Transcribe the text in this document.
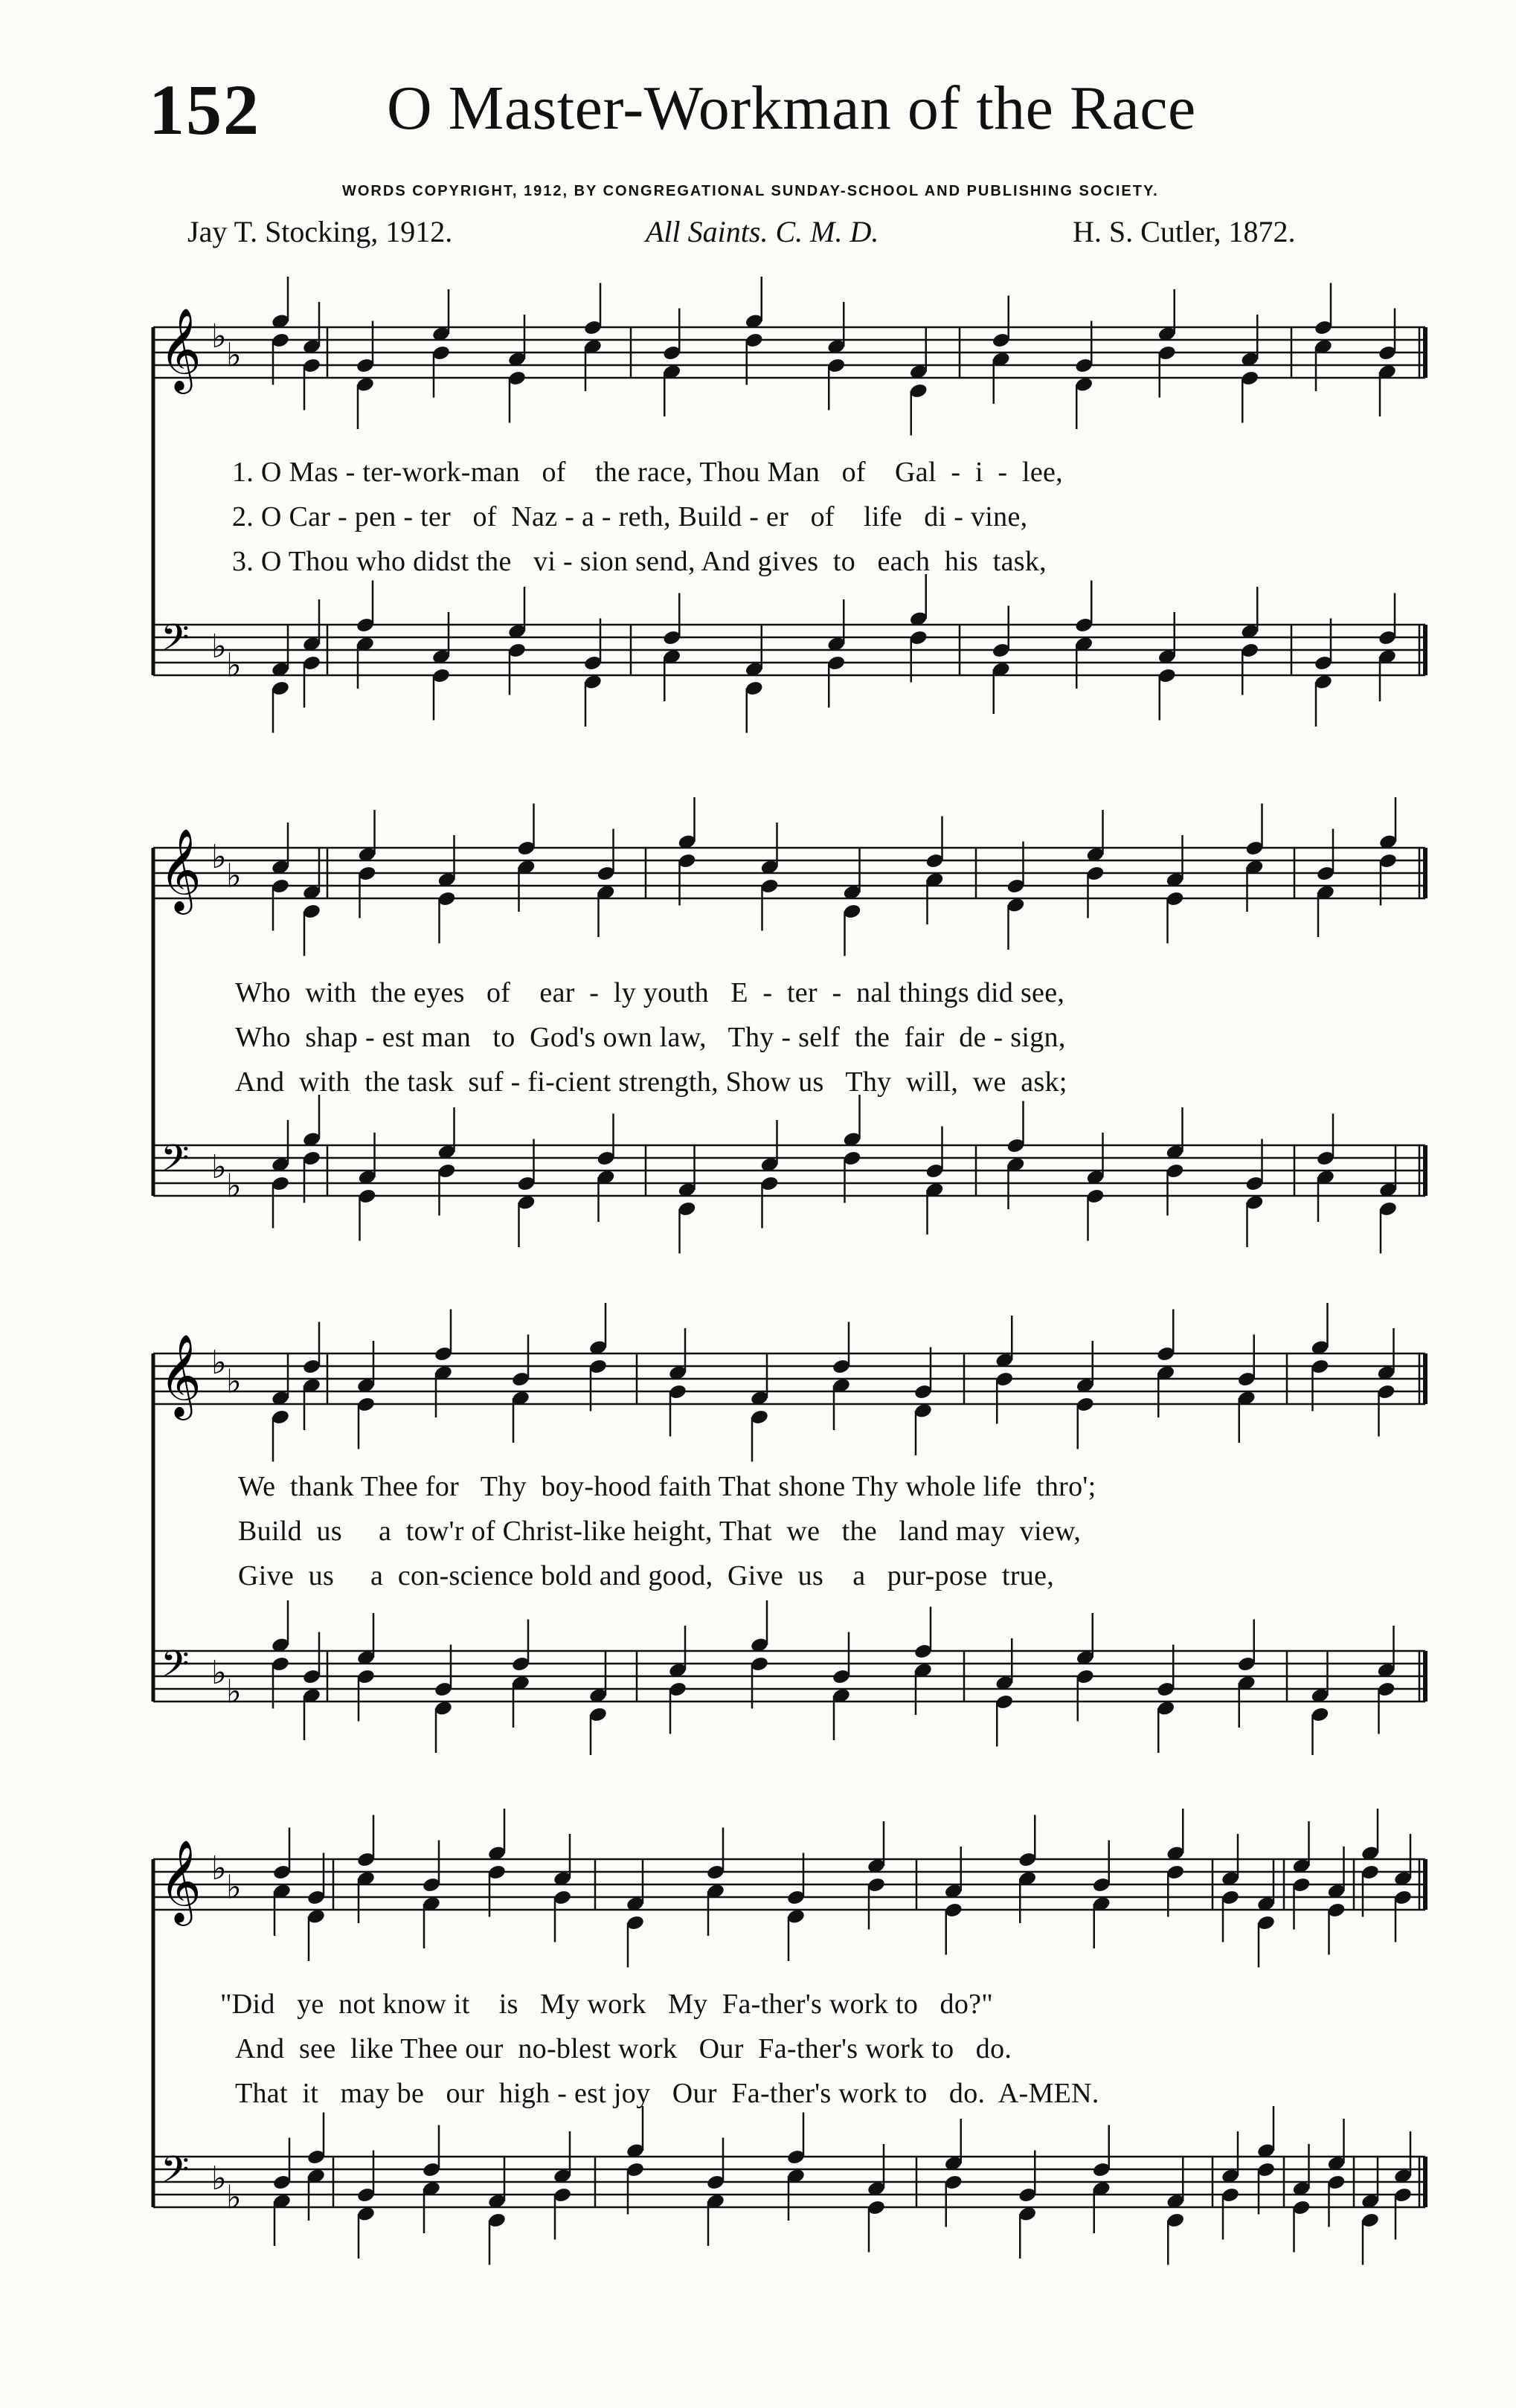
152 O Master-Workman of the Race
WORDS COPYRIGHT, 1912, BY CONGREGATIONAL SUNDAY-SCHOOL AND PUBLISHING SOCIETY.
Jay T. Stocking, 1912.	All Saints. C. M. D.	H. S. Cutler, 1872.
𝄞
𝄢
♭ ♭
♭ ♭
1. O Mas - ter-work-man   of    the race, Thou Man   of    Gal  -  i  -  lee,
2. O Car - pen - ter   of  Naz - a - reth, Build - er   of    life   di - vine,
3. O Thou who didst the   vi - sion send, And gives  to   each  his  task,
𝄞
𝄢
♭ ♭
♭ ♭
Who  with  the eyes   of    ear  -  ly youth   E  -  ter  -  nal things did see,
Who  shap - est man   to  God's own law,   Thy - self  the  fair  de - sign,
And  with  the task  suf - fi-cient strength, Show us   Thy  will,  we  ask;
𝄞
𝄢
♭ ♭
♭ ♭
We  thank Thee for   Thy  boy-hood faith That shone Thy whole life  thro';
Build  us     a  tow'r of Christ-like height, That  we   the   land may  view,
Give  us     a  con-science bold and good,  Give  us    a   pur-pose  true,
𝄞
𝄢
♭ ♭
♭ ♭
"Did   ye  not know it    is   My work   My  Fa-ther's work to   do?"
And  see  like Thee our  no-blest work   Our  Fa-ther's work to   do.
That  it   may be   our  high - est joy   Our  Fa-ther's work to   do.  A-MEN.
